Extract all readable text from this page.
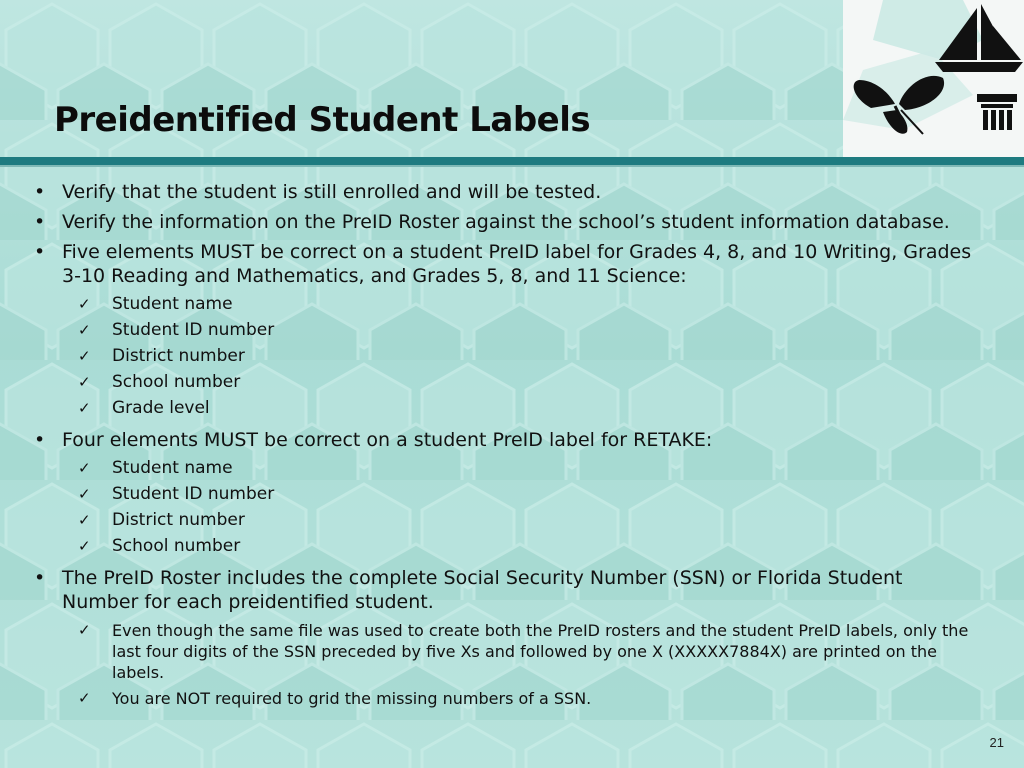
Preidentified Student Labels
• Verify that the student is still enrolled and will be tested.
• Verify the information on the PreID Roster against the school’s student information database.
• Five elements MUST be correct on a student PreID label for Grades 4, 8, and 10 Writing, Grades 3-10 Reading and Mathematics, and Grades 5, 8, and 11 Science:
✓ Student name
✓ Student ID number
✓ District number
✓ School number
✓ Grade level
• Four elements MUST be correct on a student PreID label for RETAKE:
✓ Student name
✓ Student ID number
✓ District number
✓ School number
• The PreID Roster includes the complete Social Security Number (SSN) or Florida Student Number for each preidentified student.
✓ Even though the same file was used to create both the PreID rosters and the student PreID labels, only the last four digits of the SSN preceded by five Xs and followed by one X (XXXXX7884X) are printed on the labels.
✓ You are NOT required to grid the missing numbers of a SSN.
21
